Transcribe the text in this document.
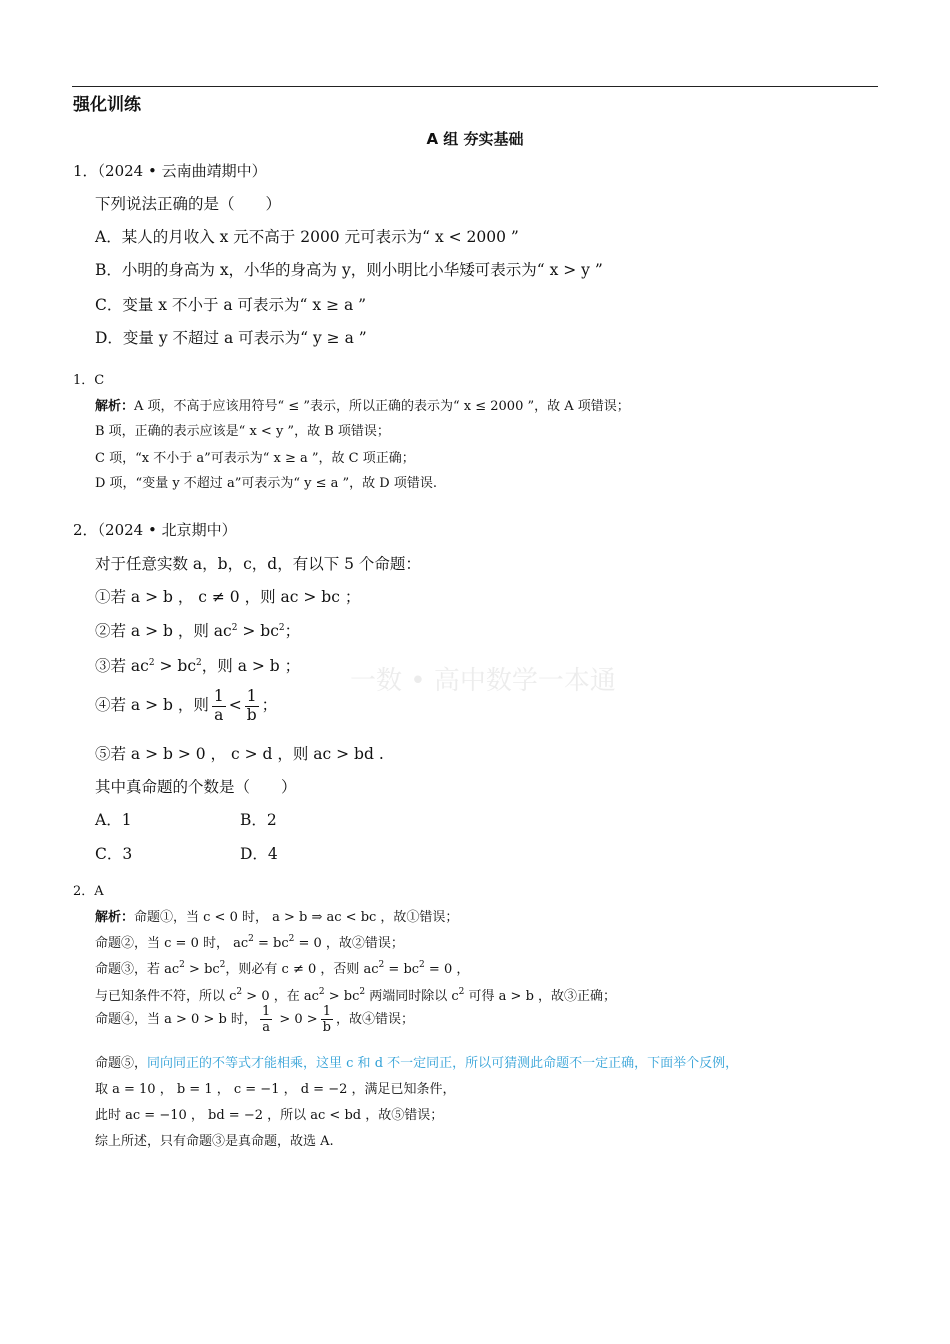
强化训练
A 组 夯实基础
一数 • 高中数学一本通
1．（2024 • 云南曲靖期中）
下列说法正确的是（　　）
A．某人的月收入 x 元不高于 2000 元可表示为“ x < 2000 ”
B．小明的身高为 x，小华的身高为 y，则小明比小华矮可表示为“ x > y ”
C．变量 x 不小于 a 可表示为“ x ≥ a ”
D．变量 y 不超过 a 可表示为“ y ≥ a ”
1．C
解析：A 项，不高于应该用符号“ ≤ ”表示，所以正确的表示为“ x ≤ 2000 ”，故 A 项错误；
B 项，正确的表示应该是“ x < y ”，故 B 项错误；
C 项，“x 不小于 a”可表示为“ x ≥ a ”，故 C 项正确；
D 项，“变量 y 不超过 a”可表示为“ y ≤ a ”，故 D 项错误.
2．（2024 • 北京期中）
对于任意实数 a，b，c，d，有以下 5 个命题：
①若 a > b ， c ≠ 0 ，则 ac > bc ；
②若 a > b ，则 $ac^2 > bc^2$；
③若 $ac^2 > bc^2$，则 a > b ；
④若 a > b ，则 $\frac{1}{a} < \frac{1}{b}$ ；
⑤若 a > b > 0 ， c > d ，则 ac > bd .
其中真命题的个数是（　　）
A．1	B．2
C．3	D．4
2．A
解析：命题①，当 c < 0 时， a > b ⇒ ac < bc ，故①错误；
命题②，当 c = 0 时， $ac^2 = bc^2 = 0$ ，故②错误；
命题③，若 $ac^2 > bc^2$，则必有 c ≠ 0 ，否则 $ac^2 = bc^2 = 0$ ，
与已知条件不符，所以 $c^2 > 0$ ，在 $ac^2 > bc^2$ 两端同时除以 $c^2$ 可得 a > b ，故③正确；
命题④，当 a > 0 > b 时， $\frac{1}{a} > 0 > \frac{1}{b}$ ，故④错误；
命题⑤，同向同正的不等式才能相乘，这里 c 和 d 不一定同正，所以可猜测此命题不一定正确，下面举个反例，
取 a = 10 ， b = 1 ， c = −1 ， d = −2 ，满足已知条件，
此时 ac = −10 ， bd = −2 ，所以 ac < bd ，故⑤错误；
综上所述，只有命题③是真命题，故选 A.
